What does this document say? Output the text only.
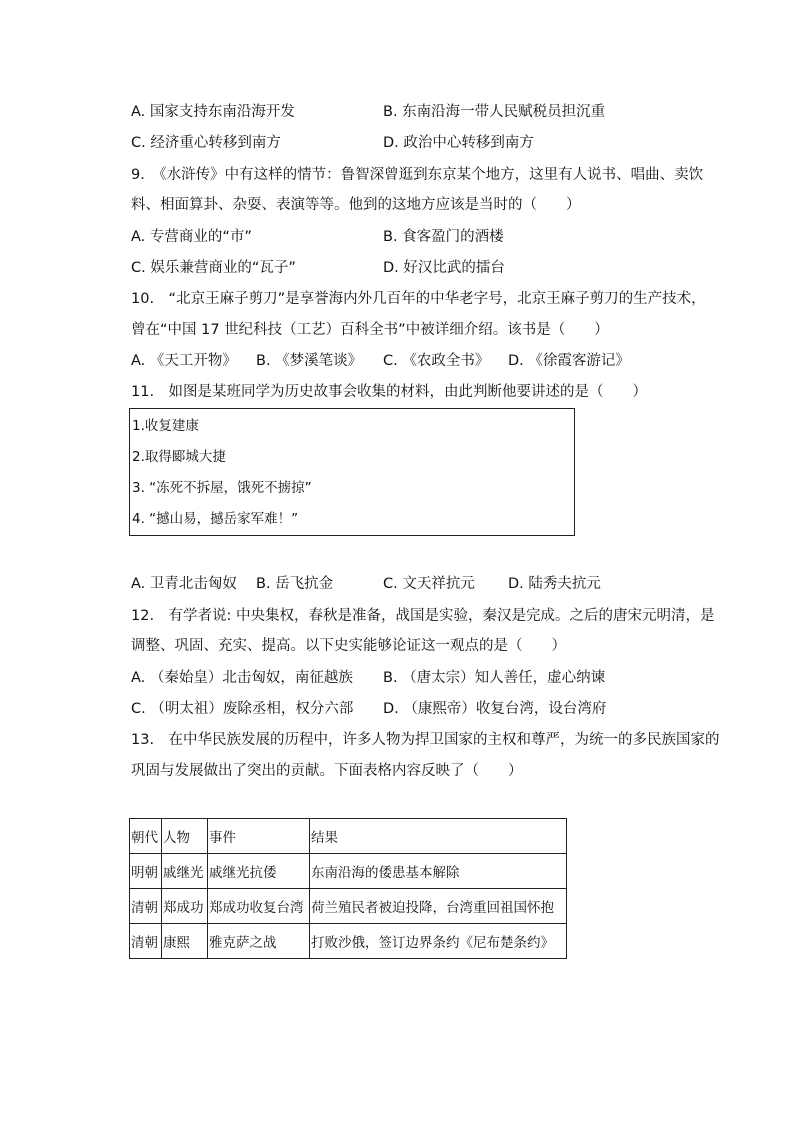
A. 国家支持东南沿海开发	B. 东南沿海一带人民赋税员担沉重
C. 经济重心转移到南方	D. 政治中心转移到南方
9.　《水浒传》中有这样的情节：鲁智深曾逛到东京某个地方，这里有人说书、唱曲、卖饮
料、相面算卦、杂耍、表演等等。他到的这地方应该是当时的（　　）
A. 专营商业的“市”	B. 食客盈门的酒楼
C. 娱乐兼营商业的“瓦子”	D. 好汉比武的擂台
10.　“北京王麻子剪刀”是享誉海内外几百年的中华老字号，北京王麻子剪刀的生产技术，
曾在“中国 17 世纪科技（工艺）百科全书”中被详细介绍。该书是（　　）
A. 《天工开物》 B. 《梦溪笔谈》 C. 《农政全书》 D. 《徐霞客游记》
11.　如图是某班同学为历史故事会收集的材料，由此判断他要讲述的是（　　）
1.收复建康
2.取得郾城大捷
3. “冻死不拆屋，饿死不掳掠”
4. “撼山易，撼岳家军难！”
A. 卫青北击匈奴 B. 岳飞抗金	C. 文天祥抗元 D. 陆秀夫抗元
12.　有学者说: 中央集权，春秋是准备，战国是实验，秦汉是完成。之后的唐宋元明清，是
调整、巩固、充实、提高。以下史实能够论证这一观点的是（　　）
A. （秦始皇）北击匈奴，南征越族 B. （唐太宗）知人善任，虚心纳谏
C. （明太祖）废除丞相，权分六部 D. （康熙帝）收复台湾，设台湾府
13.　在中华民族发展的历程中，许多人物为捍卫国家的主权和尊严，为统一的多民族国家的
巩固与发展做出了突出的贡献。下面表格内容反映了（　　）
朝代	人物	事件	结果
明朝	戚继光	戚继光抗倭	东南沿海的倭患基本解除
清朝	郑成功	郑成功收复台湾	荷兰殖民者被迫投降，台湾重回祖国怀抱
清朝	康熙	雅克萨之战	打败沙俄，签订边界条约《尼布楚条约》
